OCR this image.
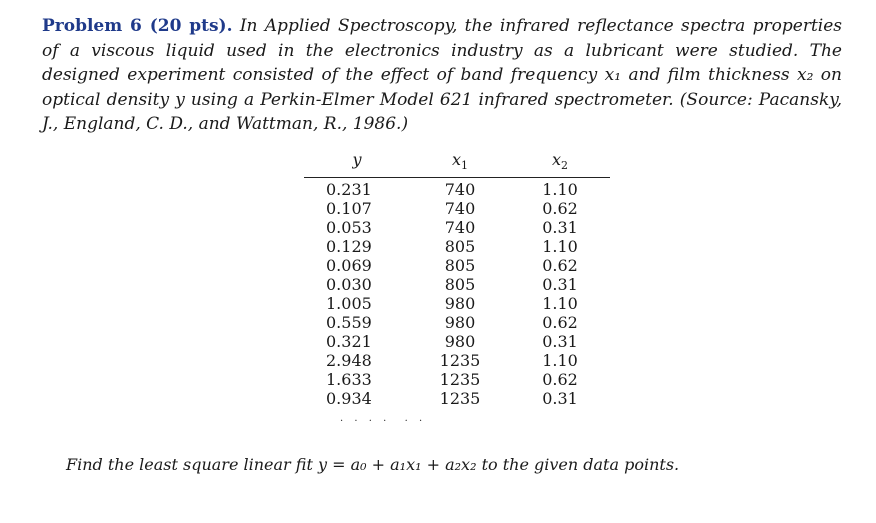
Problem 6 (20 pts). In Applied Spectroscopy, the infrared reflectance spectra properties of a viscous liquid used in the electronics industry as a lubricant were studied. The designed experiment consisted of the effect of band frequency x₁ and film thickness x₂ on optical density y using a Perkin-Elmer Model 621 infrared spectrometer. (Source: Pacansky, J., England, C. D., and Wattman, R., 1986.)
y	$x_1$	$x_2$
0.231	740	1.10
0.107	740	0.62
0.053	740	0.31
0.129	805	1.10
0.069	805	0.62
0.030	805	0.31
1.005	980	1.10
0.559	980	0.62
0.321	980	0.31
2.948	1235	1.10
1.633	1235	0.62
0.934	1235	0.31
· · · ·  · ·
Find the least square linear fit y = a₀ + a₁x₁ + a₂x₂ to the given data points.
